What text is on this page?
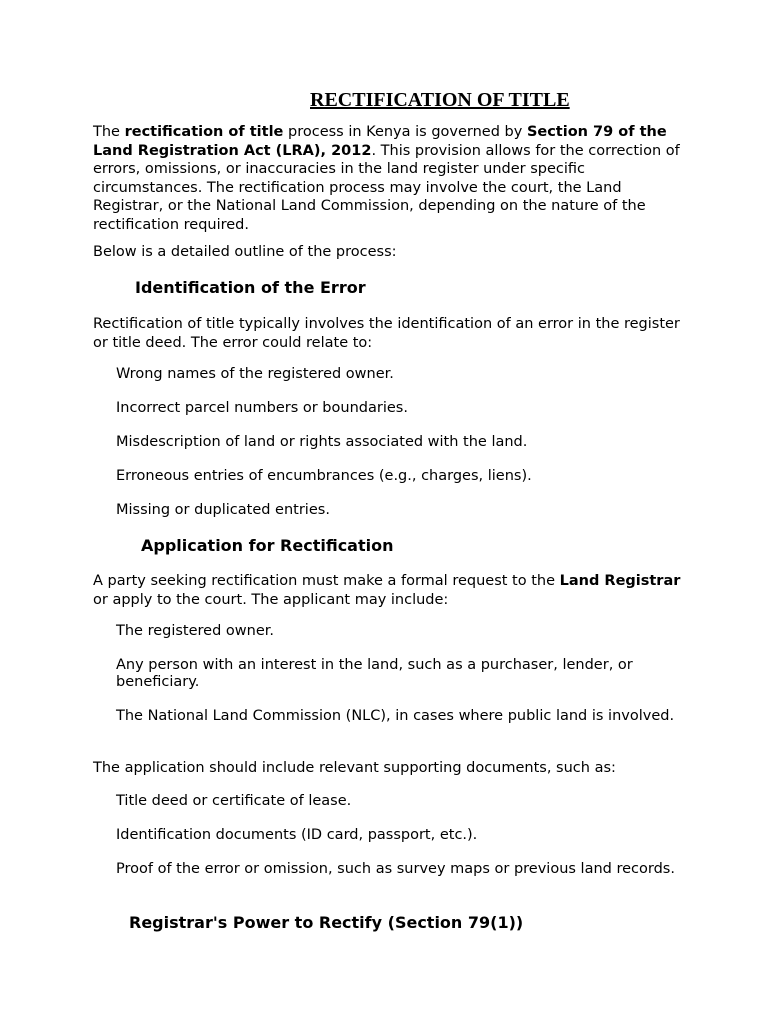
RECTIFICATION OF TITLE

The rectification of title process in Kenya is governed by Section 79 of the Land Registration Act (LRA), 2012. This provision allows for the correction of errors, omissions, or inaccuracies in the land register under specific circumstances. The rectification process may involve the court, the Land Registrar, or the National Land Commission, depending on the nature of the rectification required.

Below is a detailed outline of the process:

Identification of the Error

Rectification of title typically involves the identification of an error in the register or title deed. The error could relate to:

Wrong names of the registered owner.

Incorrect parcel numbers or boundaries.

Misdescription of land or rights associated with the land.

Erroneous entries of encumbrances (e.g., charges, liens).

Missing or duplicated entries.

Application for Rectification

A party seeking rectification must make a formal request to the Land Registrar or apply to the court. The applicant may include:

The registered owner.

Any person with an interest in the land, such as a purchaser, lender, or beneficiary.

The National Land Commission (NLC), in cases where public land is involved.

The application should include relevant supporting documents, such as:

Title deed or certificate of lease.

Identification documents (ID card, passport, etc.).

Proof of the error or omission, such as survey maps or previous land records.

Registrar's Power to Rectify (Section 79(1))
